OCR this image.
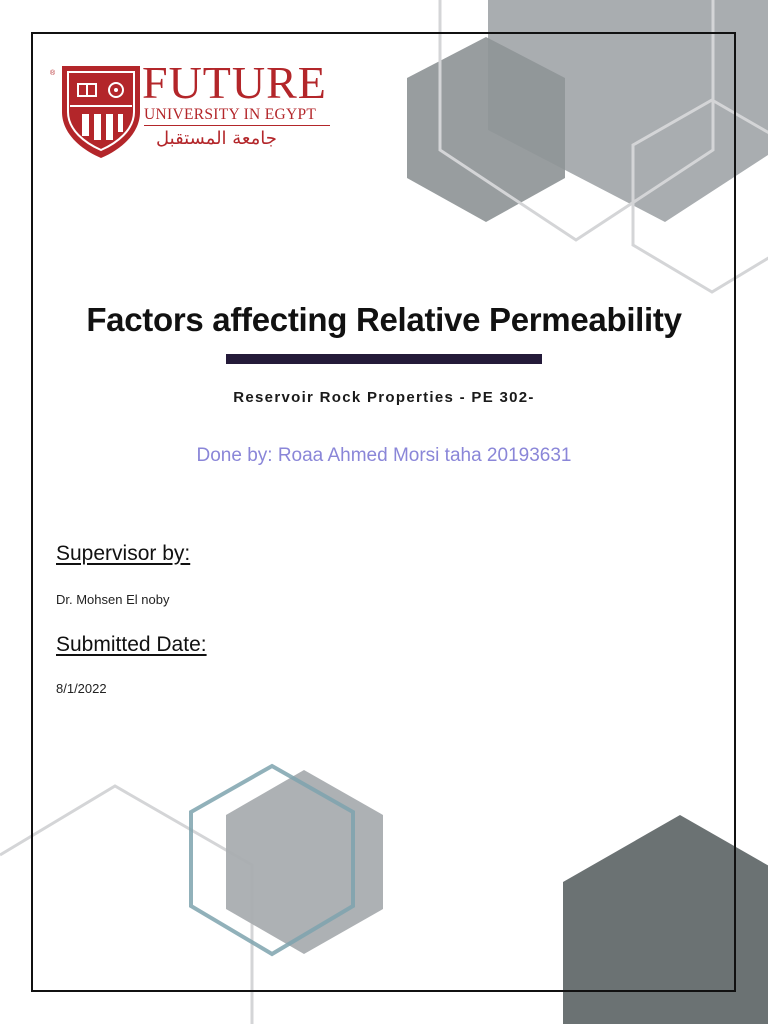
® FUTURE
UNIVERSITY IN EGYPT
جامعة المستقبل
Factors affecting Relative Permeability
Reservoir Rock Properties - PE 302-
Done by: Roaa Ahmed Morsi taha 20193631
Supervisor by:
Dr. Mohsen El noby
Submitted Date:
8/1/2022
